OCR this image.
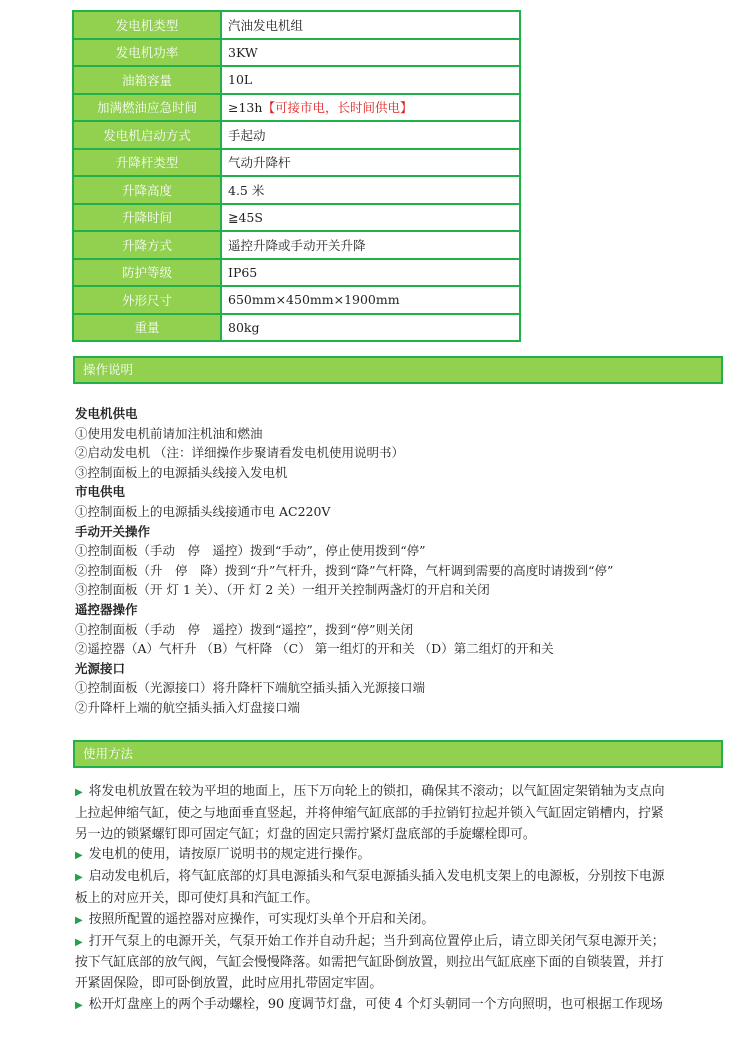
发电机类型	汽油发电机组
发电机功率	3KW
油箱容量	10L
加满燃油应急时间	≥13h【可接市电，长时间供电】
发电机启动方式	手起动
升降杆类型	气动升降杆
升降高度	4.5 米
升降时间	≧45S
升降方式	遥控升降或手动开关升降
防护等级	IP65
外形尺寸	650mm×450mm×1900mm
重量	80kg
操作说明
发电机供电
①使用发电机前请加注机油和燃油
②启动发电机 （注：详细操作步聚请看发电机使用说明书）
③控制面板上的电源插头线接入发电机
市电供电
①控制面板上的电源插头线接通市电 AC220V
手动开关操作
①控制面板（手动　停　遥控）拨到“手动”，停止使用拨到“停”
②控制面板（升　停　降）拨到“升”气杆升，拨到“降”气杆降，气杆调到需要的高度时请拨到“停”
③控制面板（开 灯 1 关）、（开 灯 2 关）一组开关控制两盏灯的开启和关闭
遥控器操作
①控制面板（手动　停　遥控）拨到“遥控”，拨到“停”则关闭
②遥控器（A）气杆升 （B）气杆降 （C） 第一组灯的开和关 （D）第二组灯的开和关
光源接口
①控制面板（光源接口）将升降杆下端航空插头插入光源接口端
②升降杆上端的航空插头插入灯盘接口端
使用方法

▶ 将发电机放置在较为平坦的地面上，压下万向轮上的锁扣，确保其不滚动；以气缸固定架销轴为支点向上拉起伸缩气缸，使之与地面垂直竖起，并将伸缩气缸底部的手拉销钉拉起并锁入气缸固定销槽内，拧紧另一边的锁紧螺钉即可固定气缸；灯盘的固定只需拧紧灯盘底部的手旋螺栓即可。

▶ 发电机的使用，请按原厂说明书的规定进行操作。

▶ 启动发电机后，将气缸底部的灯具电源插头和气泵电源插头插入发电机支架上的电源板，分别按下电源板上的对应开关，即可使灯具和汽缸工作。

▶ 按照所配置的遥控器对应操作，可实现灯头单个开启和关闭。

▶ 打开气泵上的电源开关，气泵开始工作并自动升起；当升到高位置停止后，请立即关闭气泵电源开关；按下气缸底部的放气阀，气缸会慢慢降落。如需把气缸卧倒放置，则拉出气缸底座下面的自锁装置，并打开紧固保险，即可卧倒放置，此时应用扎带固定牢固。

▶ 松开灯盘座上的两个手动螺栓，90 度调节灯盘，可使 4 个灯头朝同一个方向照明，也可根据工作现场
